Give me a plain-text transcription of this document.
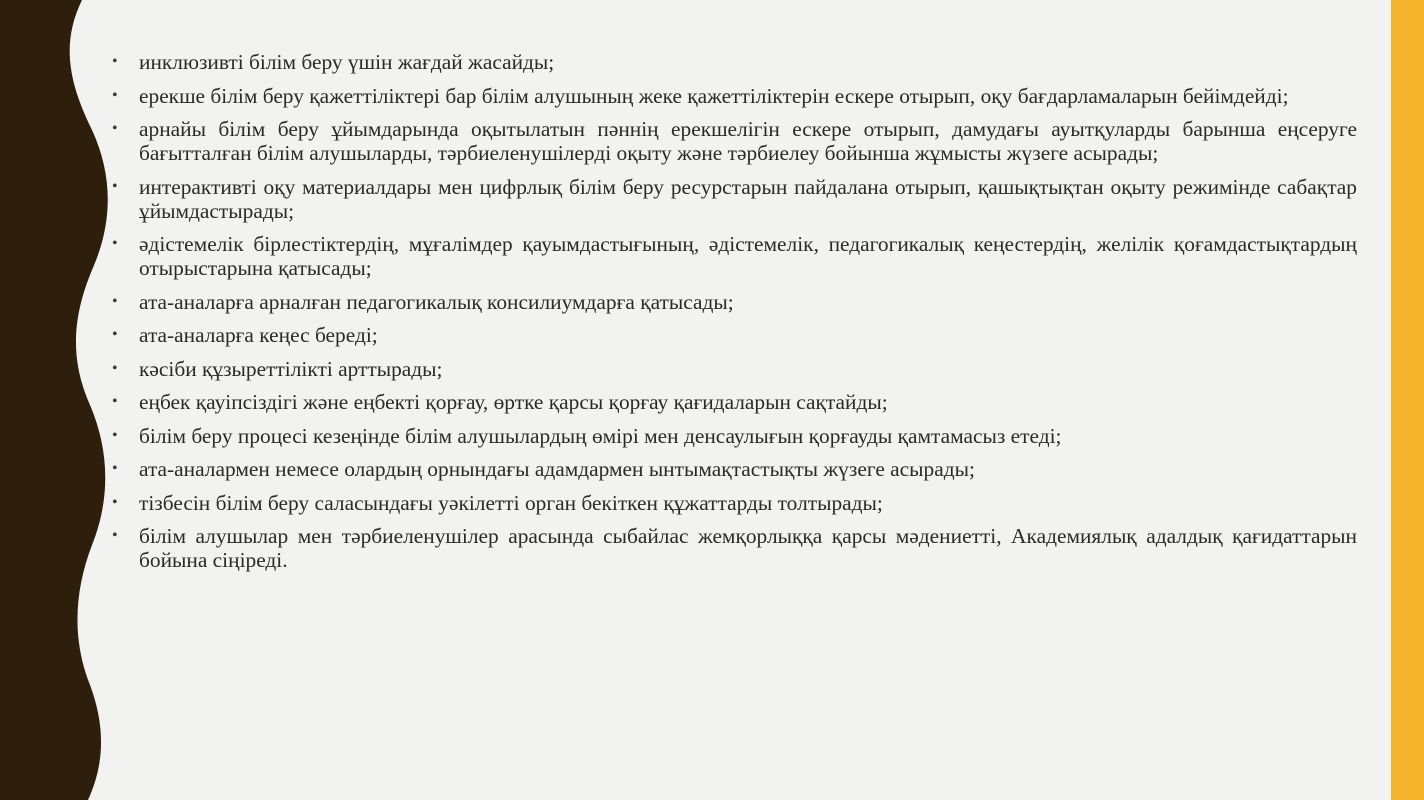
• инклюзивті білім беру үшін жағдай жасайды;
• ерекше білім беру қажеттіліктері бар білім алушының жеке қажеттіліктерін ескере отырып, оқу бағдарламаларын бейімдейді;
• арнайы білім беру ұйымдарында оқытылатын пәннің ерекшелігін ескере отырып, дамудағы ауытқуларды барынша еңсеруге бағытталған білім алушыларды, тәрбиеленушілерді оқыту және тәрбиелеу бойынша жұмысты жүзеге асырады;
• интерактивті оқу материалдары мен цифрлық білім беру ресурстарын пайдалана отырып, қашықтықтан оқыту режимінде сабақтар ұйымдастырады;
• әдістемелік бірлестіктердің, мұғалімдер қауымдастығының, әдістемелік, педагогикалық кеңестердің, желілік қоғамдастықтардың отырыстарына қатысады;
• ата-аналарға арналған педагогикалық консилиумдарға қатысады;
• ата-аналарға кеңес береді;
• кәсіби құзыреттілікті арттырады;
• еңбек қауіпсіздігі және еңбекті қорғау, өртке қарсы қорғау қағидаларын сақтайды;
• білім беру процесі кезеңінде білім алушылардың өмірі мен денсаулығын қорғауды қамтамасыз етеді;
• ата-аналармен немесе олардың орнындағы адамдармен ынтымақтастықты жүзеге асырады;
• тізбесін білім беру саласындағы уәкілетті орган бекіткен құжаттарды толтырады;
• білім алушылар мен тәрбиеленушілер арасында сыбайлас жемқорлыққа қарсы мәдениетті, Академиялық адалдық қағидаттарын бойына сіңіреді.
